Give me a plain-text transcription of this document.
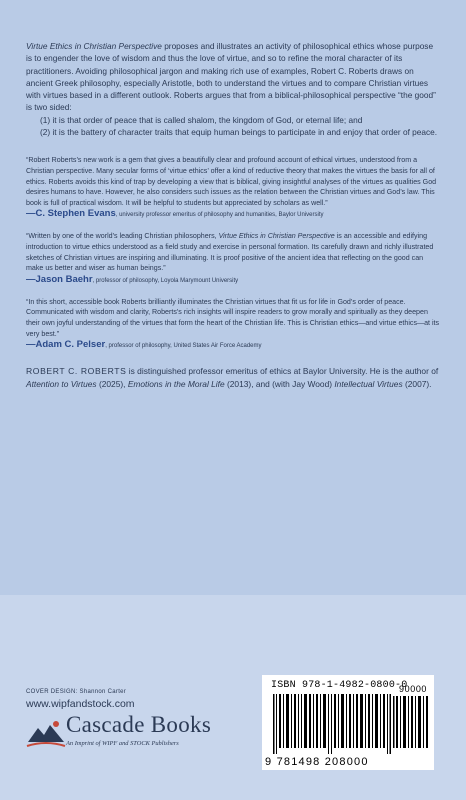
Virtue Ethics in Christian Perspective proposes and illustrates an activity of philosophical ethics whose purpose is to engender the love of wisdom and thus the love of virtue, and so to refine the moral character of its practitioners. Avoiding philosophical jargon and making rich use of examples, Robert C. Roberts draws on ancient Greek philosophy, especially Aristotle, both to understand the virtues and to compare Christian virtues with virtues based in a different outlook. Roberts argues that from a biblical-philosophical perspective “the good” is two sided:

(1) it is that order of peace that is called shalom, the kingdom of God, or eternal life; and
(2) it is the battery of character traits that equip human beings to participate in and enjoy that order of peace.
“Robert Roberts’s new work is a gem that gives a beautifully clear and profound account of ethical virtues, understood from a Christian perspective. Many secular forms of ‘virtue ethics’ offer a kind of reductive theory that makes the virtues the basis for all of ethics. Roberts avoids this kind of trap by developing a view that is biblical, giving insightful analyses of the virtues as qualities God desires humans to have. However, he also considers such issues as the relation between the Christian virtues and God’s law. This book is full of practical wisdom. It will be helpful to students but appreciated by scholars as well.”
—C. Stephen Evans, university professor emeritus of philosophy and humanities, Baylor University
“Written by one of the world’s leading Christian philosophers, Virtue Ethics in Christian Perspective is an accessible and edifying introduction to virtue ethics understood as a field study and exercise in personal formation. Its carefully drawn and richly illustrated sketches of Christian virtues are inspiring and illuminating. It is proof positive of the ancient idea that reflecting on the good can make us better and wiser as human beings.”
—Jason Baehr, professor of philosophy, Loyola Marymount University
“In this short, accessible book Roberts brilliantly illuminates the Christian virtues that fit us for life in God’s order of peace. Communicated with wisdom and clarity, Roberts’s rich insights will inspire readers to grow morally and spiritually as they deepen their own joyful understanding of the virtues that form the heart of the Christian life. This is Christian ethics—and virtue ethics—at its very best.”
—Adam C. Pelser, professor of philosophy, United States Air Force Academy
ROBERT C. ROBERTS is distinguished professor emeritus of ethics at Baylor University. He is the author of Attention to Virtues (2025), Emotions in the Moral Life (2013), and (with Jay Wood) Intellectual Virtues (2007).
COVER DESIGN: Shannon Carter
www.wipfandstock.com
Cascade Books
An Imprint of WIPF and STOCK Publishers
ISBN 978-1-4982-0800-0
90000
9 781498 208000
